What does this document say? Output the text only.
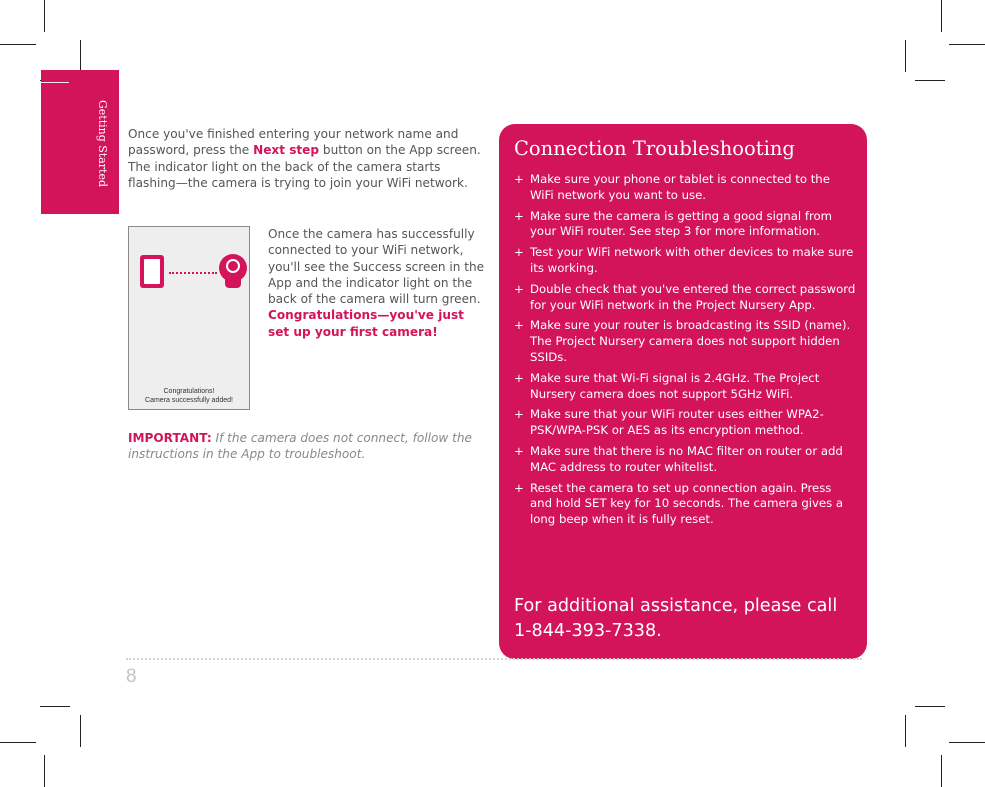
Getting Started Once you've finished entering your network name and password, press the Next step button on the App screen. The indicator light on the back of the camera starts flashing—the camera is trying to join your WiFi network.
Congratulations!
Camera successfully added!
Once the camera has successfully connected to your WiFi network, you'll see the Success screen in the App and the indicator light on the back of the camera will turn green. Congratulations—you've just set up your first camera!
IMPORTANT: If the camera does not connect, follow the instructions in the App to troubleshoot.
Connection Troubleshooting
+ Make sure your phone or tablet is connected to the WiFi network you want to use.
+ Make sure the camera is getting a good signal from your WiFi router. See step 3 for more information.
+ Test your WiFi network with other devices to make sure its working.
+ Double check that you've entered the correct password for your WiFi network in the Project Nursery App.
+ Make sure your router is broadcasting its SSID (name). The Project Nursery camera does not support hidden SSIDs.
+ Make sure that Wi-Fi signal is 2.4GHz. The Project Nursery camera does not support 5GHz WiFi.
+ Make sure that your WiFi router uses either WPA2-PSK/WPA-PSK or AES as its encryption method.
+ Make sure that there is no MAC filter on router or add MAC address to router whitelist.
+ Reset the camera to set up connection again. Press and hold SET key for 10 seconds. The camera gives a long beep when it is fully reset.
For additional assistance, please call 1-844-393-7338.
8
